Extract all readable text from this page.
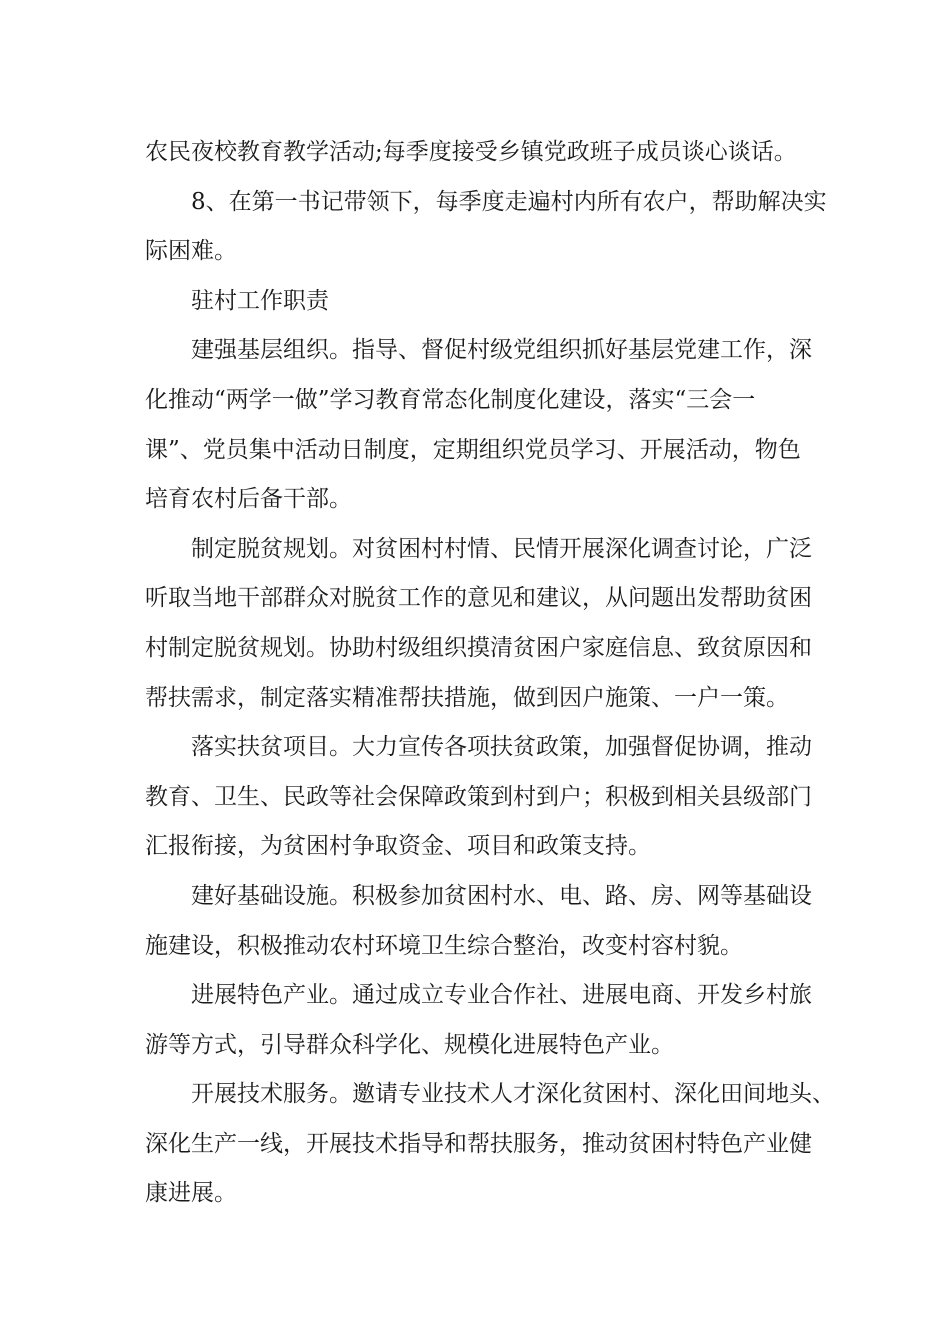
农民夜校教育教学活动;每季度接受乡镇党政班子成员谈心谈话。
8、在第一书记带领下，每季度走遍村内所有农户，帮助解决实
际困难。
驻村工作职责
建强基层组织。指导、督促村级党组织抓好基层党建工作，深
化推动“两学一做”学习教育常态化制度化建设，落实“三会一
课”、党员集中活动日制度，定期组织党员学习、开展活动，物色
培育农村后备干部。
制定脱贫规划。对贫困村村情、民情开展深化调查讨论，广泛
听取当地干部群众对脱贫工作的意见和建议，从问题出发帮助贫困
村制定脱贫规划。协助村级组织摸清贫困户家庭信息、致贫原因和
帮扶需求，制定落实精准帮扶措施，做到因户施策、一户一策。
落实扶贫项目。大力宣传各项扶贫政策，加强督促协调，推动
教育、卫生、民政等社会保障政策到村到户；积极到相关县级部门
汇报衔接，为贫困村争取资金、项目和政策支持。
建好基础设施。积极参加贫困村水、电、路、房、网等基础设
施建设，积极推动农村环境卫生综合整治，改变村容村貌。
进展特色产业。通过成立专业合作社、进展电商、开发乡村旅
游等方式，引导群众科学化、规模化进展特色产业。
开展技术服务。邀请专业技术人才深化贫困村、深化田间地头、
深化生产一线，开展技术指导和帮扶服务，推动贫困村特色产业健
康进展。
